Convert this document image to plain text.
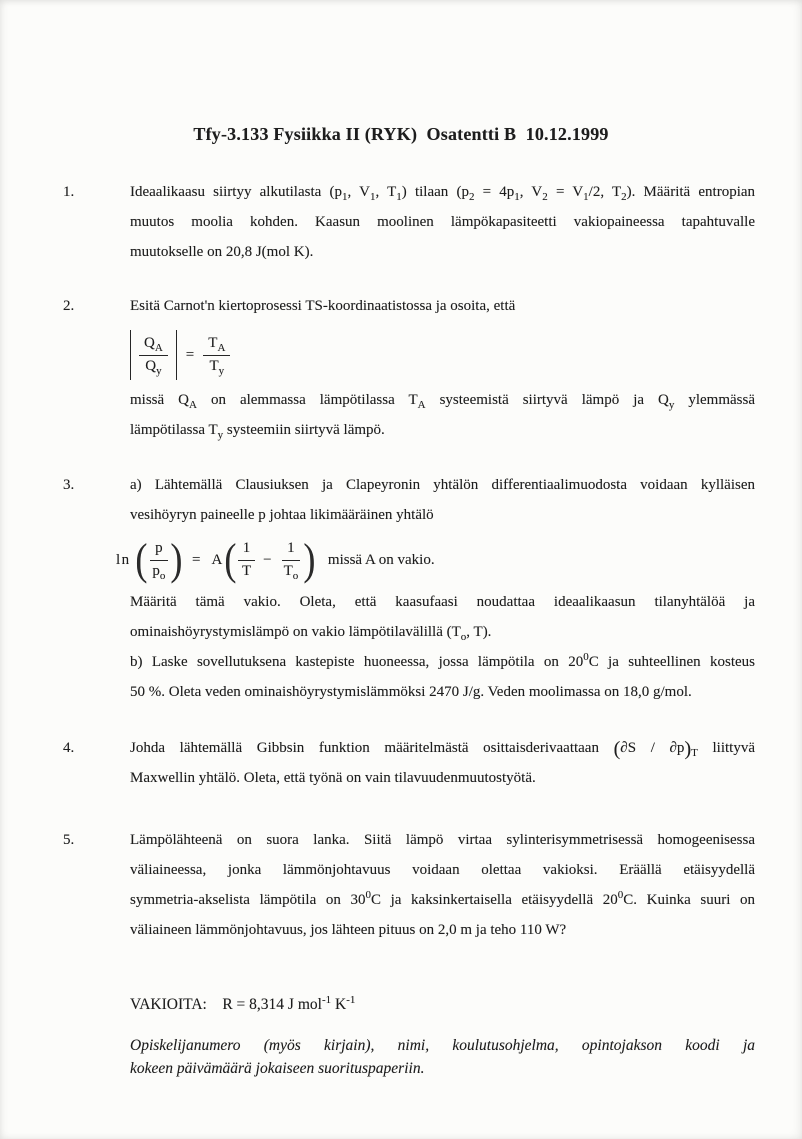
Tfy-3.133 Fysiikka II (RYK)  Osatentti B  10.12.1999
1.	Ideaalikaasu siirtyy alkutilasta ($p_1$, $V_1$, $T_1$) tilaan ($p_2 = 4p_1$, $V_2 = V_1/2$, $T_2$). Määritä entropian
muutos moolia kohden. Kaasun moolinen lämpökapasiteetti vakiopaineessa tapahtuvalle
muutokselle on 20,8 J(mol K).
2.	Esitä Carnot'n kiertoprosessi TS-koordinaatistossa ja osoita, että
$\frac{Q_A}{Q_y} = \frac{T_A}{T_y}$
missä $Q_A$ on alemmassa lämpötilassa $T_A$ systeemistä siirtyvä lämpö ja $Q_y$ ylemmässä
lämpötilassa $T_y$ systeemiin siirtyvä lämpö.
3.	a) Lähtemällä Clausiuksen ja Clapeyronin yhtälön differentiaalimuodosta voidaan kylläisen
vesihöyryn paineelle p johtaa likimääräinen yhtälö
ln ( $\frac{p}{p_o}$ ) = A ( $\frac{1}{T} - \frac{1}{T_o}$ ) missä A on vakio.
Määritä tämä vakio. Oleta, että kaasufaasi noudattaa ideaalikaasun tilanyhtälöä ja
ominaishöyrystymislämpö on vakio lämpötilavälillä ($T_o$, T).
b) Laske sovellutuksena kastepiste huoneessa, jossa lämpötila on $20^0C$ ja suhteellinen kosteus
50 %. Oleta veden ominaishöyrystymislämmöksi 2470 J/g. Veden moolimassa on 18,0 g/mol.
4.	Johda lähtemällä Gibbsin funktion määritelmästä osittaisderivaattaan $(\partial S / \partial p)_T$ liittyvä
Maxwellin yhtälö. Oleta, että työnä on vain tilavuudenmuutostyötä.
5.	Lämpölähteenä on suora lanka. Siitä lämpö virtaa sylinterisymmetrisessä homogeenisessa
väliaineessa, jonka lämmönjohtavuus voidaan olettaa vakioksi. Eräällä etäisyydellä
symmetria-akselista lämpötila on $30^0C$ ja kaksinkertaisella etäisyydellä $20^0C$. Kuinka suuri on
väliaineen lämmönjohtavuus, jos lähteen pituus on 2,0 m ja teho 110 W?
VAKIOITA:    R = 8,314 J mol$^{-1}$ $K^{-1}$
Opiskelijanumero (myös kirjain), nimi, koulutusohjelma, opintojakson koodi ja
kokeen päivämäärä jokaiseen suorituspaperiin.
